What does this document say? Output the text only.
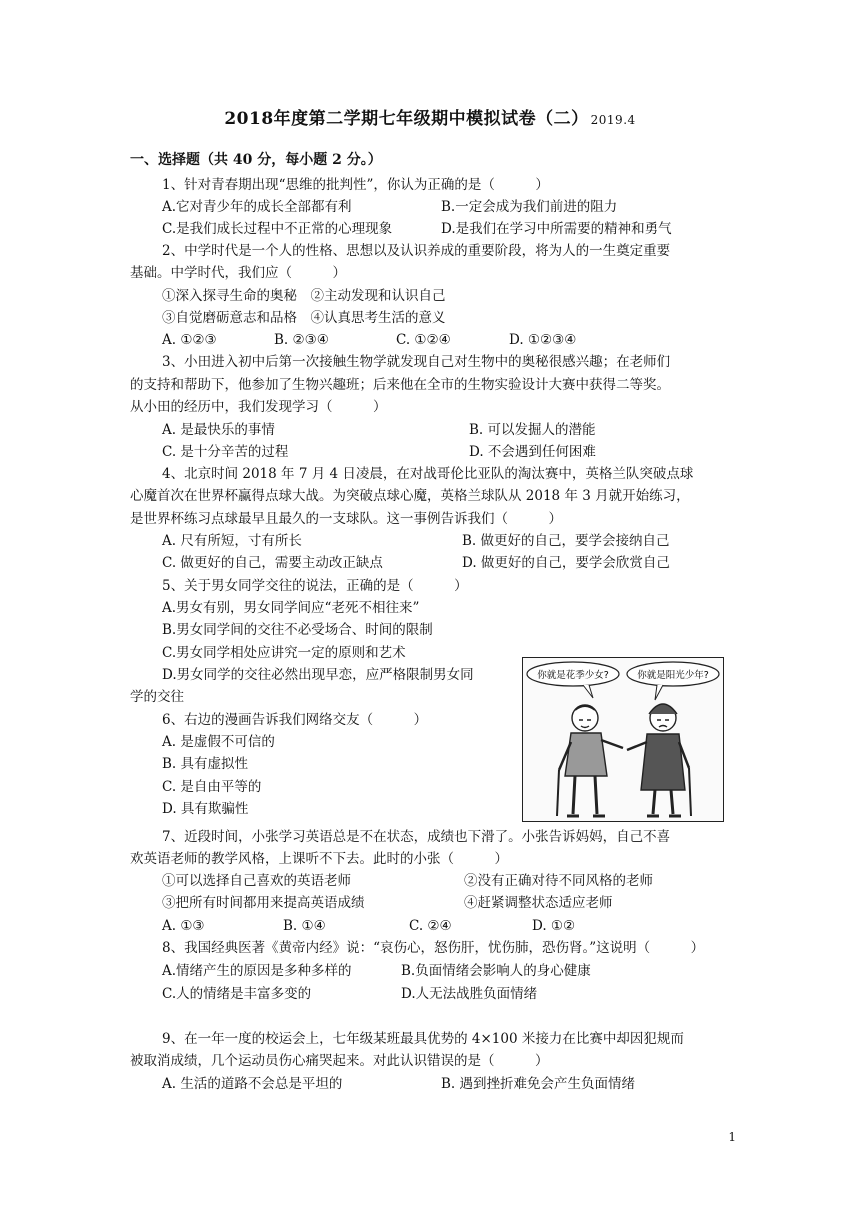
2018年度第二学期七年级期中模拟试卷（二） 2019.4
一、选择题（共 40 分，每小题 2 分。）
1、针对青春期出现“思维的批判性”，你认为正确的是（　　　）
A.它对青少年的成长全部都有利	B.一定会成为我们前进的阻力
C.是我们成长过程中不正常的心理现象	D.是我们在学习中所需要的精神和勇气
2、中学时代是一个人的性格、思想以及认识养成的重要阶段，将为人的一生奠定重要
基础。中学时代，我们应（　　　）
①深入探寻生命的奥秘　②主动发现和认识自己
③自觉磨砺意志和品格　④认真思考生活的意义
A. ①②③	B. ②③④	C. ①②④	D. ①②③④
3、小田进入初中后第一次接触生物学就发现自己对生物中的奥秘很感兴趣；在老师们
的支持和帮助下，他参加了生物兴趣班；后来他在全市的生物实验设计大赛中获得二等奖。
从小田的经历中，我们发现学习（　　　）
A. 是最快乐的事情	B. 可以发掘人的潜能
C. 是十分辛苦的过程	D. 不会遇到任何困难
4、北京时间 2018 年 7 月 4 日凌晨，在对战哥伦比亚队的淘汰赛中，英格兰队突破点球
心魔首次在世界杯赢得点球大战。为突破点球心魔，英格兰球队从 2018 年 3 月就开始练习，
是世界杯练习点球最早且最久的一支球队。这一事例告诉我们（　　　）
A. 尺有所短，寸有所长	B. 做更好的自己，要学会接纳自己
C. 做更好的自己，需要主动改正缺点	D. 做更好的自己，要学会欣赏自己
5、关于男女同学交往的说法，正确的是（　　　）
A.男女有别，男女同学间应“老死不相往来”
B.男女同学间的交往不必受场合、时间的限制
C.男女同学相处应讲究一定的原则和艺术
D.男女同学的交往必然出现早恋，应严格限制男女同
学的交往
6、右边的漫画告诉我们网络交友（　　　）
A. 是虚假不可信的
B. 具有虚拟性
C. 是自由平等的
D. 具有欺骗性
你就是花季少女?	你就是阳光少年?
7、近段时间，小张学习英语总是不在状态，成绩也下滑了。小张告诉妈妈，自己不喜
欢英语老师的教学风格，上课听不下去。此时的小张（　　　）
①可以选择自己喜欢的英语老师	②没有正确对待不同风格的老师
③把所有时间都用来提高英语成绩	④赶紧调整状态适应老师
A. ①③	B. ①④	C. ②④	D. ①②
8、我国经典医著《黄帝内经》说：“哀伤心，怒伤肝，忧伤肺，恐伤肾。”这说明（　　　）
A.情绪产生的原因是多种多样的	B.负面情绪会影响人的身心健康
C.人的情绪是丰富多变的	D.人无法战胜负面情绪
9、在一年一度的校运会上，七年级某班最具优势的 4×100 米接力在比赛中却因犯规而
被取消成绩，几个运动员伤心痛哭起来。对此认识错误的是（　　　）
A. 生活的道路不会总是平坦的	B. 遇到挫折难免会产生负面情绪
1
